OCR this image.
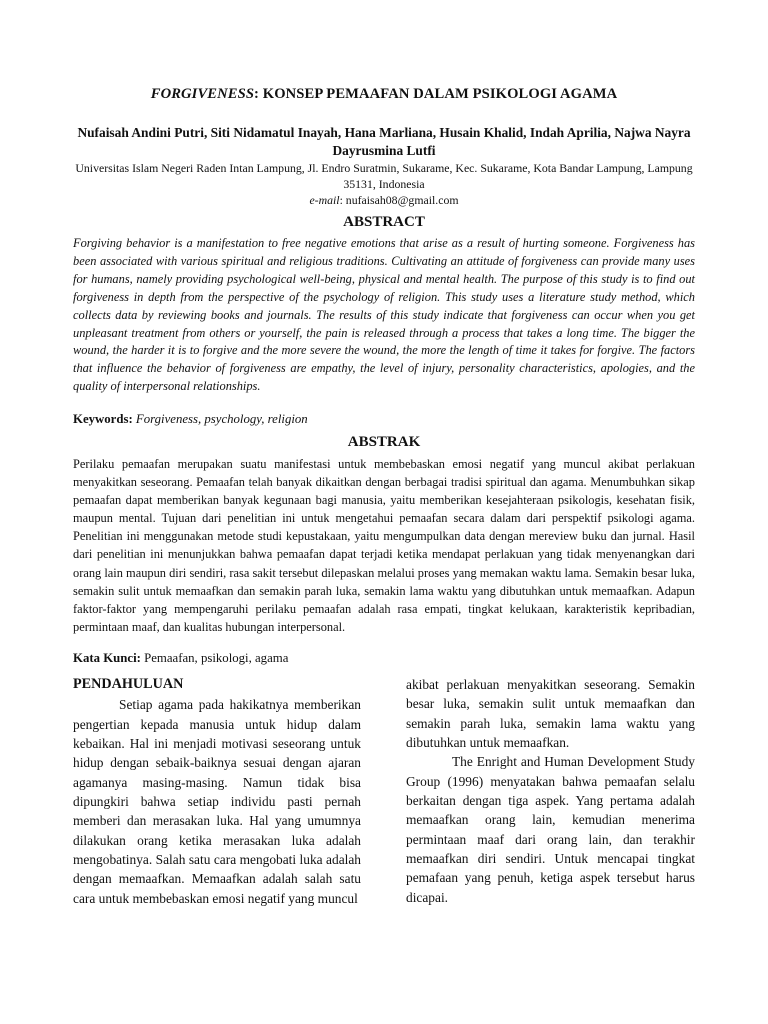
FORGIVENESS: KONSEP PEMAAFAN DALAM PSIKOLOGI AGAMA
Nufaisah Andini Putri, Siti Nidamatul Inayah, Hana Marliana, Husain Khalid, Indah Aprilia, Najwa Nayra Dayrusmina Lutfi
Universitas Islam Negeri Raden Intan Lampung, Jl. Endro Suratmin, Sukarame, Kec. Sukarame, Kota Bandar Lampung, Lampung 35131, Indonesia
e-mail: nufaisah08@gmail.com
ABSTRACT
Forgiving behavior is a manifestation to free negative emotions that arise as a result of hurting someone. Forgiveness has been associated with various spiritual and religious traditions. Cultivating an attitude of forgiveness can provide many uses for humans, namely providing psychological well-being, physical and mental health. The purpose of this study is to find out forgiveness in depth from the perspective of the psychology of religion. This study uses a literature study method, which collects data by reviewing books and journals. The results of this study indicate that forgiveness can occur when you get unpleasant treatment from others or yourself, the pain is released through a process that takes a long time. The bigger the wound, the harder it is to forgive and the more severe the wound, the more the length of time it takes for forgive. The factors that influence the behavior of forgiveness are empathy, the level of injury, personality characteristics, apologies, and the quality of interpersonal relationships.
Keywords: Forgiveness, psychology, religion
ABSTRAK
Perilaku pemaafan merupakan suatu manifestasi untuk membebaskan emosi negatif yang muncul akibat perlakuan menyakitkan seseorang. Pemaafan telah banyak dikaitkan dengan berbagai tradisi spiritual dan agama. Menumbuhkan sikap pemaafan dapat memberikan banyak kegunaan bagi manusia, yaitu memberikan kesejahteraan psikologis, kesehatan fisik, maupun mental. Tujuan dari penelitian ini untuk mengetahui pemaafan secara dalam dari perspektif psikologi agama. Penelitian ini menggunakan metode studi kepustakaan, yaitu mengumpulkan data dengan mereview buku dan jurnal. Hasil dari penelitian ini menunjukkan bahwa pemaafan dapat terjadi ketika mendapat perlakuan yang tidak menyenangkan dari orang lain maupun diri sendiri, rasa sakit tersebut dilepaskan melalui proses yang memakan waktu lama. Semakin besar luka, semakin sulit untuk memaafkan dan semakin parah luka, semakin lama waktu yang dibutuhkan untuk memaafkan. Adapun faktor-faktor yang mempengaruhi perilaku pemaafan adalah rasa empati, tingkat kelukaan, karakteristik kepribadian, permintaan maaf, dan kualitas hubungan interpersonal.
Kata Kunci: Pemaafan, psikologi, agama
PENDAHULUAN

Setiap agama pada hakikatnya memberikan pengertian kepada manusia untuk hidup dalam kebaikan. Hal ini menjadi motivasi seseorang untuk hidup dengan sebaik-baiknya sesuai dengan ajaran agamanya masing-masing. Namun tidak bisa dipungkiri bahwa setiap individu pasti pernah memberi dan merasakan luka. Hal yang umumnya dilakukan orang ketika merasakan luka adalah mengobatinya. Salah satu cara mengobati luka adalah dengan memaafkan. Memaafkan adalah salah satu cara untuk membebaskan emosi negatif yang muncul

akibat perlakuan menyakitkan seseorang. Semakin besar luka, semakin sulit untuk memaafkan dan semakin parah luka, semakin lama waktu yang dibutuhkan untuk memaafkan.

The Enright and Human Development Study Group (1996) menyatakan bahwa pemaafan selalu berkaitan dengan tiga aspek. Yang pertama adalah memaafkan orang lain, kemudian menerima permintaan maaf dari orang lain, dan terakhir memaafkan diri sendiri. Untuk mencapai tingkat pemafaan yang penuh, ketiga aspek tersebut harus dicapai.
